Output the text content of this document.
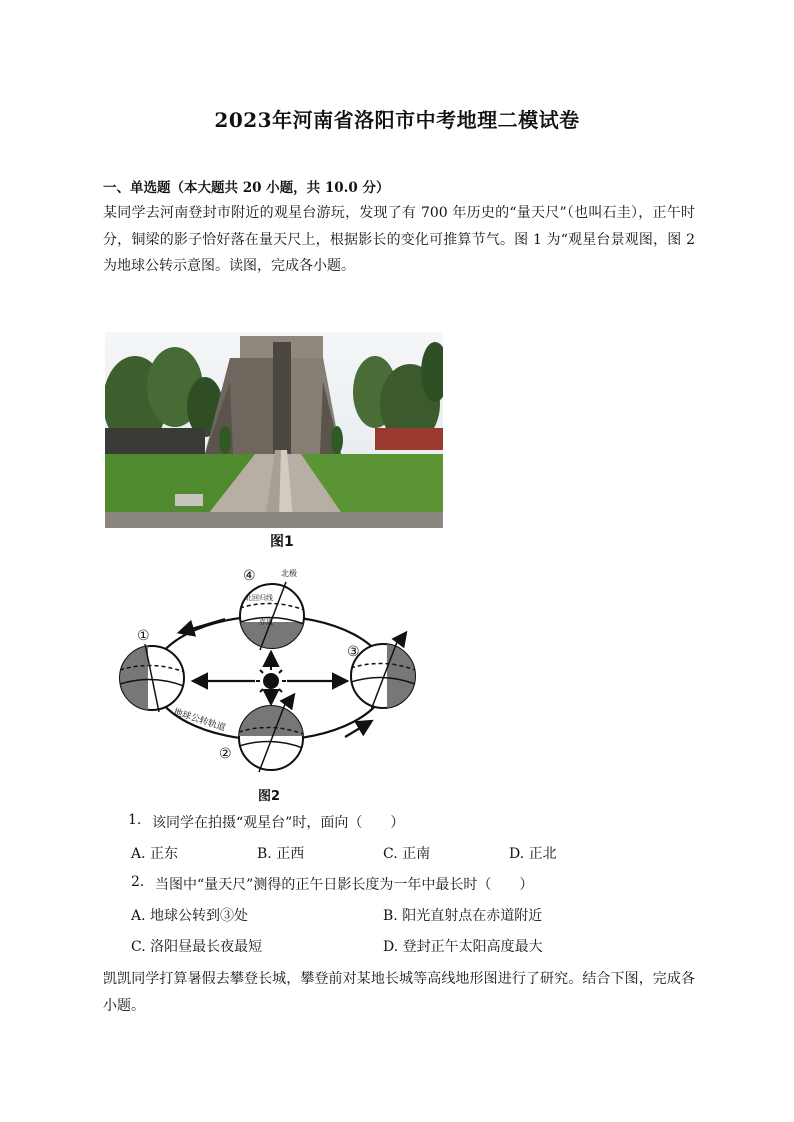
2023年河南省洛阳市中考地理二模试卷
一、单选题（本大题共 20 小题，共 10.0 分）
某同学去河南登封市附近的观星台游玩，发现了有 700 年历史的“量天尺”（也叫石圭），正午时分，铜梁的影子恰好落在量天尺上，根据影长的变化可推算节气。图 1 为“观星台景观图，图 2 为地球公转示意图。读图，完成各小题。
图1
①
②
③
④	北极
北回归线
赤道
地球公转轨道
图2
1. 该同学在拍摄“观星台”时，面向（　　）
A. 正东	B. 正西	C. 正南	D. 正北
2. 当图中“量天尺”测得的正午日影长度为一年中最长时（　　）
A. 地球公转到③处	B. 阳光直射点在赤道附近
C. 洛阳昼最长夜最短	D. 登封正午太阳高度最大
凯凯同学打算暑假去攀登长城，攀登前对某地长城等高线地形图进行了研究。结合下图，完成各小题。
